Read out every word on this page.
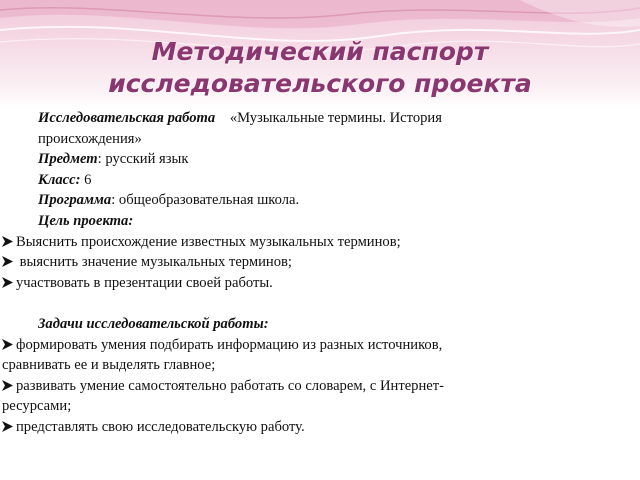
Методический паспорт
исследовательского проекта
Исследовательская работа «Музыкальные термины. История
происхождения»
Предмет: русский язык
Класс: 6
Программа: общеобразовательная школа.
Цель проекта:
Выяснить происхождение известных музыкальных терминов;
выяснить значение музыкальных терминов;
участвовать в презентации своей работы.
Задачи исследовательской работы:
формировать умения подбирать информацию из разных источников,
сравнивать ее и выделять главное;
развивать умение самостоятельно работать со словарем, с Интернет-
ресурсами;
представлять свою исследовательскую работу.
